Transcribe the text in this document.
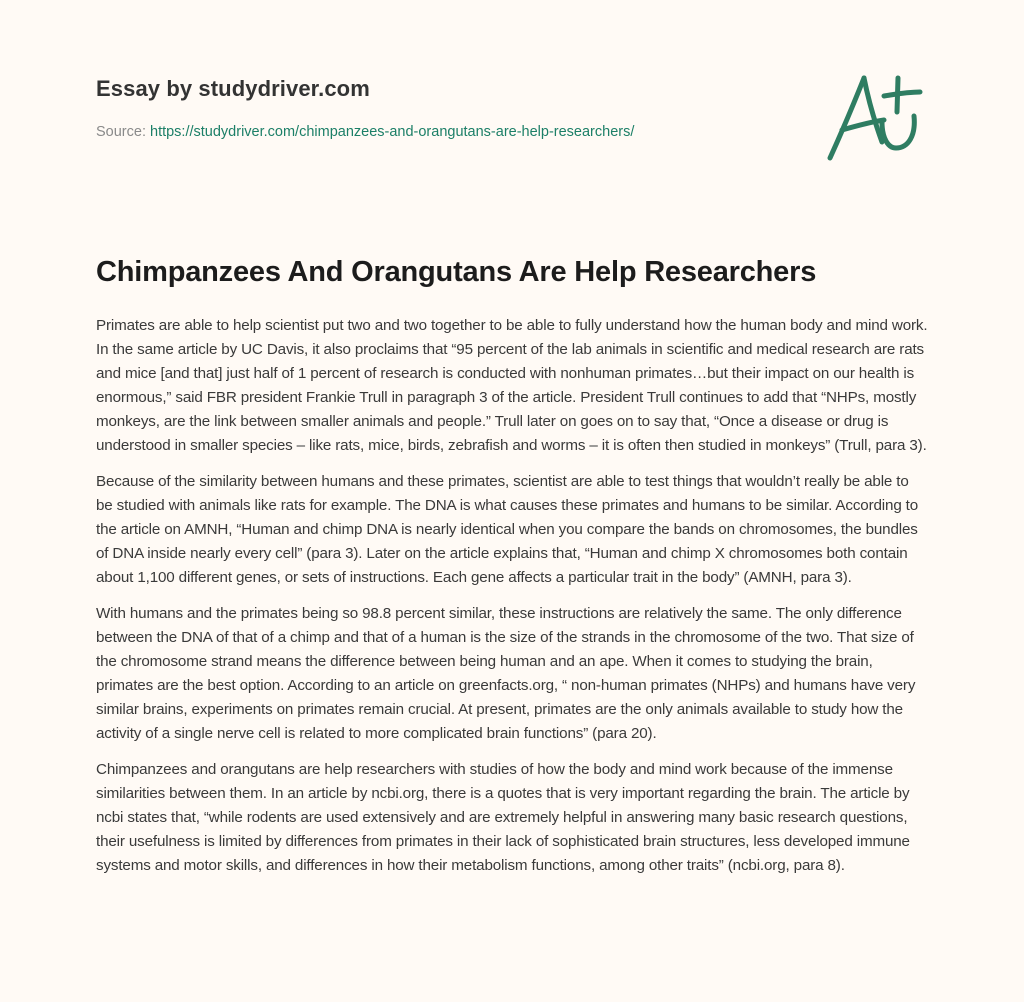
Essay by studydriver.com
Source: https://studydriver.com/chimpanzees-and-orangutans-are-help-researchers/
Chimpanzees And Orangutans Are Help Researchers

Primates are able to help scientist put two and two together to be able to fully understand how the human body and mind work. In the same article by UC Davis, it also proclaims that “95 percent of the lab animals in scientific and medical research are rats and mice [and that] just half of 1 percent of research is conducted with nonhuman primates…but their impact on our health is enormous,” said FBR president Frankie Trull in paragraph 3 of the article. President Trull continues to add that “NHPs, mostly monkeys, are the link between smaller animals and people.” Trull later on goes on to say that, “Once a disease or drug is understood in smaller species – like rats, mice, birds, zebrafish and worms – it is often then studied in monkeys” (Trull, para 3).

Because of the similarity between humans and these primates, scientist are able to test things that wouldn’t really be able to be studied with animals like rats for example. The DNA is what causes these primates and humans to be similar. According to the article on AMNH, “Human and chimp DNA is nearly identical when you compare the bands on chromosomes, the bundles of DNA inside nearly every cell” (para 3). Later on the article explains that, “Human and chimp X chromosomes both contain about 1,100 different genes, or sets of instructions. Each gene affects a particular trait in the body” (AMNH, para 3).

With humans and the primates being so 98.8 percent similar, these instructions are relatively the same. The only difference between the DNA of that of a chimp and that of a human is the size of the strands in the chromosome of the two. That size of the chromosome strand means the difference between being human and an ape. When it comes to studying the brain, primates are the best option. According to an article on greenfacts.org, “ non-human primates (NHPs) and humans have very similar brains, experiments on primates remain crucial. At present, primates are the only animals available to study how the activity of a single nerve cell is related to more complicated brain functions” (para 20).

Chimpanzees and orangutans are help researchers with studies of how the body and mind work because of the immense similarities between them. In an article by ncbi.org, there is a quotes that is very important regarding the brain. The article by ncbi states that, “while rodents are used extensively and are extremely helpful in answering many basic research questions, their usefulness is limited by differences from primates in their lack of sophisticated brain structures, less developed immune systems and motor skills, and differences in how their metabolism functions, among other traits” (ncbi.org, para 8).
